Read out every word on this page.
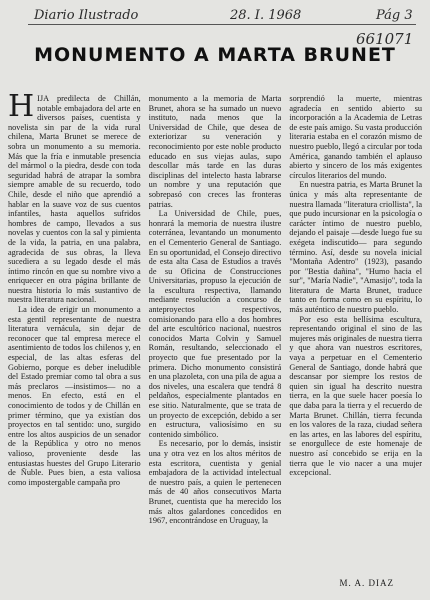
Diario Ilustrado	28. I. 1968	Pág 3
661071
MONUMENTO A MARTA BRUNET

HIJA predilecta de Chillán, notable embajadora del arte en diversos países, cuentista y novelista sin par de la vida rural chilena, Marta Brunet se merece de sobra un monumento a su memoria. Más que la fría e inmutable presencia del mármol o la piedra, desde con toda seguridad habrá de atrapar la sombra siempre amable de su recuerdo, todo Chile, desde el niño que aprendió a hablar en la suave voz de sus cuentos infantiles, hasta aquellos sufridos hombres de campo, llevados a sus novelas y cuentos con la sal y pimienta de la vida, la patria, en una palabra, agradecida de sus obras, la lleva sucediera a su legado desde el más íntimo rincón en que su nombre vivo a enriquecer en otra página brillante de nuestra historia lo más sustantivo de nuestra literatura nacional.

La idea de erigir un monumento a esta gentil representante de nuestra literatura vernácula, sin dejar de reconocer que tal empresa merece el asentimiento de todos los chilenos y, en especial, de las altas esferas del Gobierno, porque es deber ineludible del Estado premiar como tal obra a sus más preclaros —insistimos— no a menos. En efecto, está en el conocimiento de todos y de Chillán en primer término, que ya existían dos proyectos en tal sentido: uno, surgido entre los altos auspicios de un senador de la República y otro no menos valioso, proveniente desde las entusiastas huestes del Grupo Literario de Ñuble. Pues bien, a esta valiosa como impostergable campaña pro

monumento a la memoria de Marta Brunet, ahora se ha sumado un nuevo instituto, nada menos que la Universidad de Chile, que desea de exteriorizar su veneración y reconocimiento por este noble producto educado en sus viejas aulas, supo descollar más tarde en las duras disciplinas del intelecto hasta labrarse un nombre y una reputación que sobrepasó con creces las fronteras patrias.

La Universidad de Chile, pues, honrará la memoria de nuestra ilustre coterránea, levantando un monumento en el Cementerio General de Santiago. En su oportunidad, el Consejo directivo de esta alta Casa de Estudios a través de su Oficina de Construcciones Universitarias, propuso la ejecución de la escultura respectiva, llamando mediante resolución a concurso de anteproyectos respectivos, comisionando para ello a dos hombres del arte escultórico nacional, nuestros conocidos Marta Colvin y Samuel Román, resultando, seleccionado el proyecto que fue presentado por la primera. Dicho monumento consistirá en una plazoleta, con una pila de agua a dos niveles, una escalera que tendrá 8 peldaños, especialmente plantados en ese sitio. Naturalmente, que se trata de un proyecto de excepción, debido a ser en estructura, valiosísimo en su contenido simbólico.

Es necesario, por lo demás, insistir una y otra vez en los altos méritos de esta escritora, cuentista y genial embajadora de la actividad intelectual de nuestro país, a quien le pertenecen más de 40 años consecutivos Marta Brunet, cuentista que ha merecido los más altos galardones concedidos en 1967, encontrándose en Uruguay, la

sorprendió la muerte, mientras agradecía en sentido abierto su incorporación a la Academia de Letras de este país amigo. Su vasta producción literaria estaba en el corazón mismo de nuestro pueblo, llegó a circular por toda América, ganando también el aplauso abierto y sincero de los más exigentes círculos literarios del mundo.

En nuestra patria, es Marta Brunet la única y más alta representante de nuestra llamada "literatura criollista", la que pudo incursionar en la psicología o carácter íntimo de nuestro pueblo, dejando el paisaje —desde luego fue su exégeta indiscutido— para segundo término. Así, desde su novela inicial "Montaña Adentro" (1923), pasando por "Bestia dañina", "Humo hacia el sur", "María Nadie", "Amasijo", toda la literatura de Marta Brunet, traduce tanto en forma como en su espíritu, lo más auténtico de nuestro pueblo.

Por eso esta bellísima escultura, representando original el sino de las mujeres más originales de nuestra tierra y que ahora van nuestros escritores, vaya a perpetuar en el Cementerio General de Santiago, donde habrá que descansar por siempre los restos de quien sin igual ha descrito nuestra tierra, en la que suele hacer poesía lo que daba para la tierra y el recuerdo de Marta Brunet. Chillán, tierra fecunda en los valores de la raza, ciudad señera en las artes, en las labores del espíritu, se enorgullece de este homenaje de nuestro así concebido se erija en la tierra que le vio nacer a una mujer excepcional.

M. A. DIAZ
